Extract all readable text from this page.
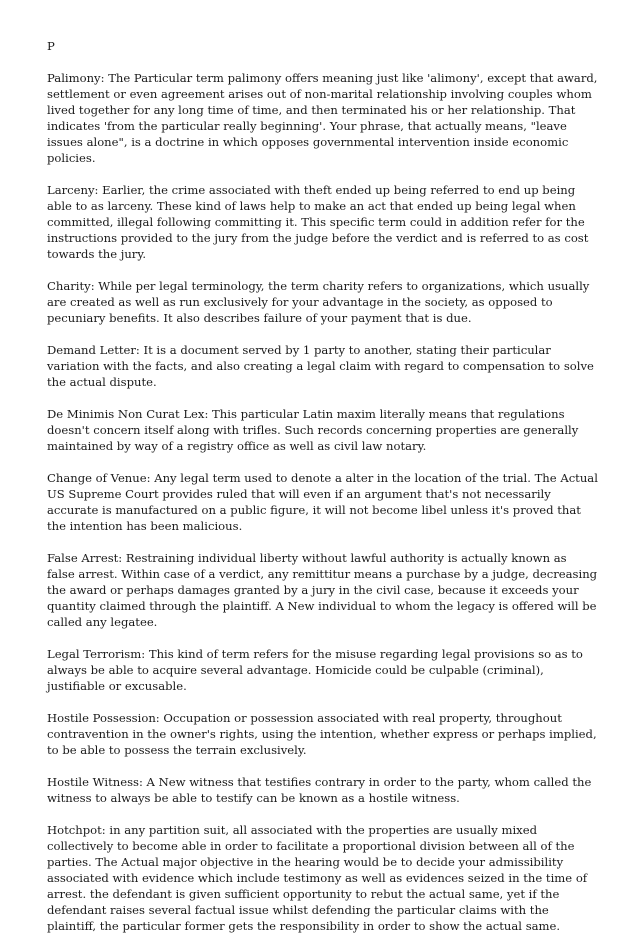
P

Palimony: The Particular term palimony offers meaning just like 'alimony', except that award, settlement or even agreement arises out of non-marital relationship involving couples whom lived together for any long time of time, and then terminated his or her relationship. That indicates 'from the particular really beginning'. Your phrase, that actually means, "leave issues alone", is a doctrine in which opposes governmental intervention inside economic policies.

Larceny: Earlier, the crime associated with theft ended up being referred to end up being able to as larceny. These kind of laws help to make an act that ended up being legal when committed, illegal following committing it. This specific term could in addition refer for the instructions provided to the jury from the judge before the verdict and is referred to as cost towards the jury.

Charity: While per legal terminology, the term charity refers to organizations, which usually are created as well as run exclusively for your advantage in the society, as opposed to pecuniary benefits. It also describes failure of your payment that is due.

Demand Letter: It is a document served by 1 party to another, stating their particular variation with the facts, and also creating a legal claim with regard to compensation to solve the actual dispute.

De Minimis Non Curat Lex: This particular Latin maxim literally means that regulations doesn't concern itself along with trifles. Such records concerning properties are generally maintained by way of a registry office as well as civil law notary.

Change of Venue: Any legal term used to denote a alter in the location of the trial. The Actual US Supreme Court provides ruled that will even if an argument that's not necessarily accurate is manufactured on a public figure, it will not become libel unless it's proved that the intention has been malicious.

False Arrest: Restraining individual liberty without lawful authority is actually known as false arrest. Within case of a verdict, any remittitur means a purchase by a judge, decreasing the award or perhaps damages granted by a jury in the civil case, because it exceeds your quantity claimed through the plaintiff. A New individual to whom the legacy is offered will be called any legatee.

Legal Terrorism: This kind of term refers for the misuse regarding legal provisions so as to always be able to acquire several advantage. Homicide could be culpable (criminal), justifiable or excusable.

Hostile Possession: Occupation or possession associated with real property, throughout contravention in the owner's rights, using the intention, whether express or perhaps implied, to be able to possess the terrain exclusively.

Hostile Witness: A New witness that testifies contrary in order to the party, whom called the witness to always be able to testify can be known as a hostile witness.

Hotchpot: in any partition suit, all associated with the properties are usually mixed collectively to become able in order to facilitate a proportional division between all of the parties. The Actual major objective in the hearing would be to decide your admissibility associated with evidence which include testimony as well as evidences seized in the time of arrest. the defendant is given sufficient opportunity to rebut the actual same, yet if the defendant raises several factual issue whilst defending the particular claims with the plaintiff, the particular former gets the responsibility in order to show the actual same.
